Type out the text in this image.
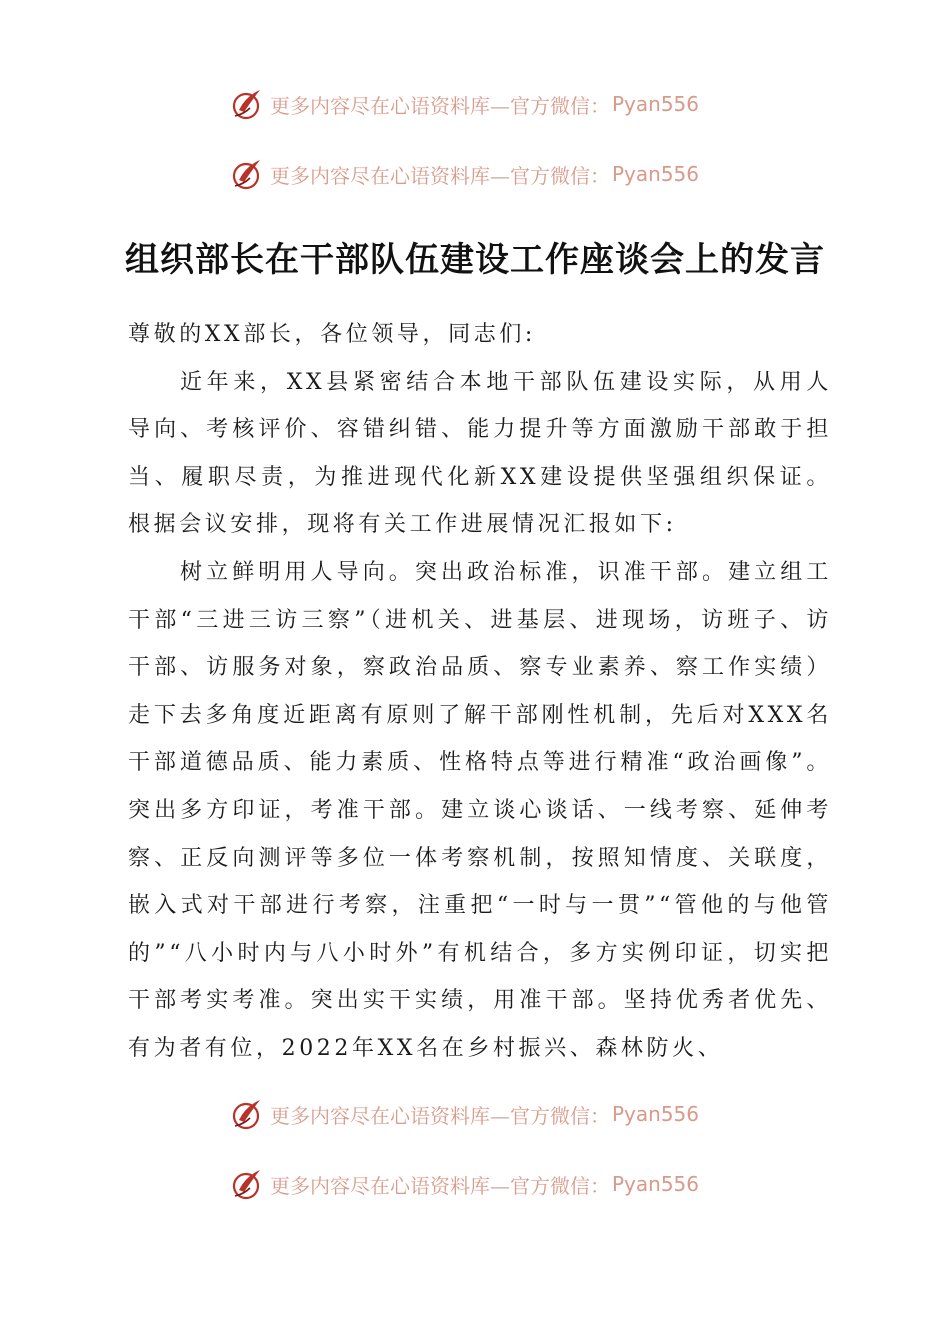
更多内容尽在心语资料库—官方微信： Pyan556
更多内容尽在心语资料库—官方微信： Pyan556
组织部长在干部队伍建设工作座谈会上的发言

尊敬的XX部长，各位领导，同志们:

近年来，XX县紧密结合本地干部队伍建设实际，从用人导向、考核评价、容错纠错、能力提升等方面激励干部敢于担当、履职尽责，为推进现代化新XX建设提供坚强组织保证。根据会议安排，现将有关工作进展情况汇报如下:

树立鲜明用人导向。突出政治标准，识准干部。建立组工干部“三进三访三察”（进机关、进基层、进现场，访班子、访干部、访服务对象，察政治品质、察专业素养、察工作实绩）走下去多角度近距离有原则了解干部刚性机制，先后对XXX名干部道德品质、能力素质、性格特点等进行精准“政治画像”。突出多方印证，考准干部。建立谈心谈话、一线考察、延伸考察、正反向测评等多位一体考察机制，按照知情度、关联度，嵌入式对干部进行考察，注重把“一时与一贯”“管他的与他管的”“八小时内与八小时外”有机结合，多方实例印证，切实把干部考实考准。突出实干实绩，用准干部。坚持优秀者优先、有为者有位，2022年XX名在乡村振兴、森林防火、

更多内容尽在心语资料库—官方微信： Pyan556
更多内容尽在心语资料库—官方微信： Pyan556
